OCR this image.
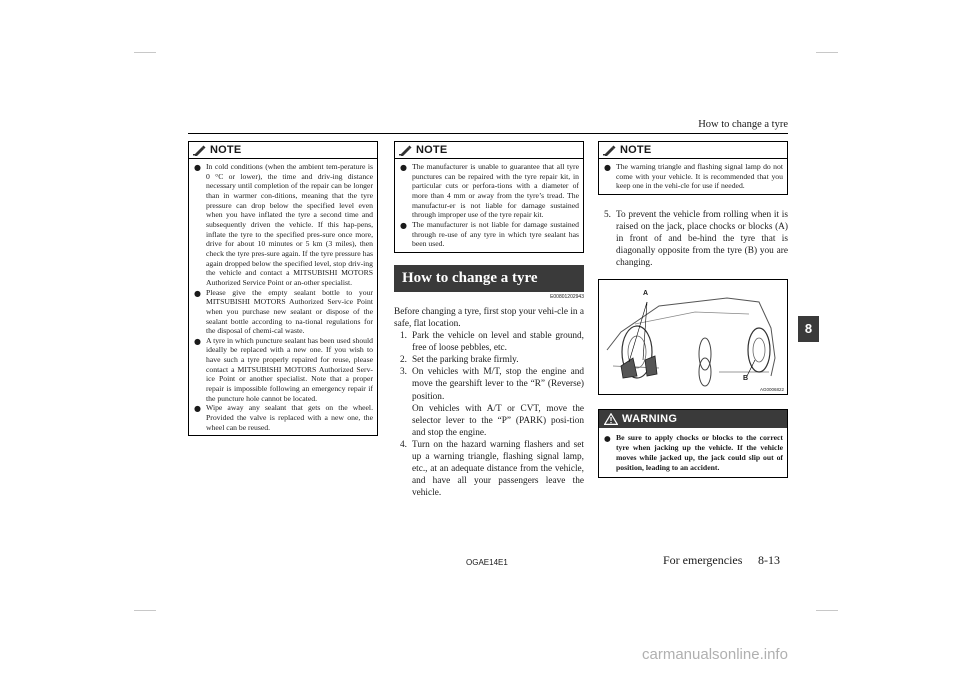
How to change a tyre
NOTE
● In cold conditions (when the ambient tem-perature is 0 °C or lower), the time and driv-ing distance necessary until completion of the repair can be longer than in warmer con-ditions, meaning that the tyre pressure can drop below the specified level even when you have inflated the tyre a second time and subsequently driven the vehicle. If this hap-pens, inflate the tyre to the specified pres-sure once more, drive for about 10 minutes or 5 km (3 miles), then check the tyre pres-sure again. If the tyre pressure has again dropped below the specified level, stop driv-ing the vehicle and contact a MITSUBISHI MOTORS Authorized Service Point or an-other specialist.
● Please give the empty sealant bottle to your MITSUBISHI MOTORS Authorized Serv-ice Point when you purchase new sealant or dispose of the sealant bottle according to na-tional regulations for the disposal of chemi-cal waste.
● A tyre in which puncture sealant has been used should ideally be replaced with a new one. If you wish to have such a tyre properly repaired for reuse, please contact a MITSUBISHI MOTORS Authorized Serv-ice Point or another specialist. Note that a proper repair is impossible following an emergency repair if the puncture hole cannot be located.
● Wipe away any sealant that gets on the wheel. Provided the valve is replaced with a new one, the wheel can be reused.
NOTE
● The manufacturer is unable to guarantee that all tyre punctures can be repaired with the tyre repair kit, in particular cuts or perfora-tions with a diameter of more than 4 mm or away from the tyre’s tread. The manufactur-er is not liable for damage sustained through improper use of the tyre repair kit.
● The manufacturer is not liable for damage sustained through re-use of any tyre in which tyre sealant has been used.
How to change a tyre
E00801202943
Before changing a tyre, first stop your vehi-cle in a safe, flat location.
1. Park the vehicle on level and stable ground, free of loose pebbles, etc.
2. Set the parking brake firmly.
3. On vehicles with M/T, stop the engine and move the gearshift lever to the “R” (Reverse) position.
On vehicles with A/T or CVT, move the selector lever to the “P” (PARK) posi-tion and stop the engine.
4. Turn on the hazard warning flashers and set up a warning triangle, flashing signal lamp, etc., at an adequate distance from the vehicle, and have all your passengers leave the vehicle.
NOTE
● The warning triangle and flashing signal lamp do not come with your vehicle. It is recommended that you keep one in the vehi-cle for use if needed.
5. To prevent the vehicle from rolling when it is raised on the jack, place chocks or blocks (A) in front of and be-hind the tyre that is diagonally opposite from the tyre (B) you are changing.
A
B
AG0006822
WARNING
● Be sure to apply chocks or blocks to the correct tyre when jacking up the vehicle. If the vehicle moves while jacked up, the jack could slip out of position, leading to an accident.
8
OGAE14E1	For emergencies 8-13
carmanualsonline.info
